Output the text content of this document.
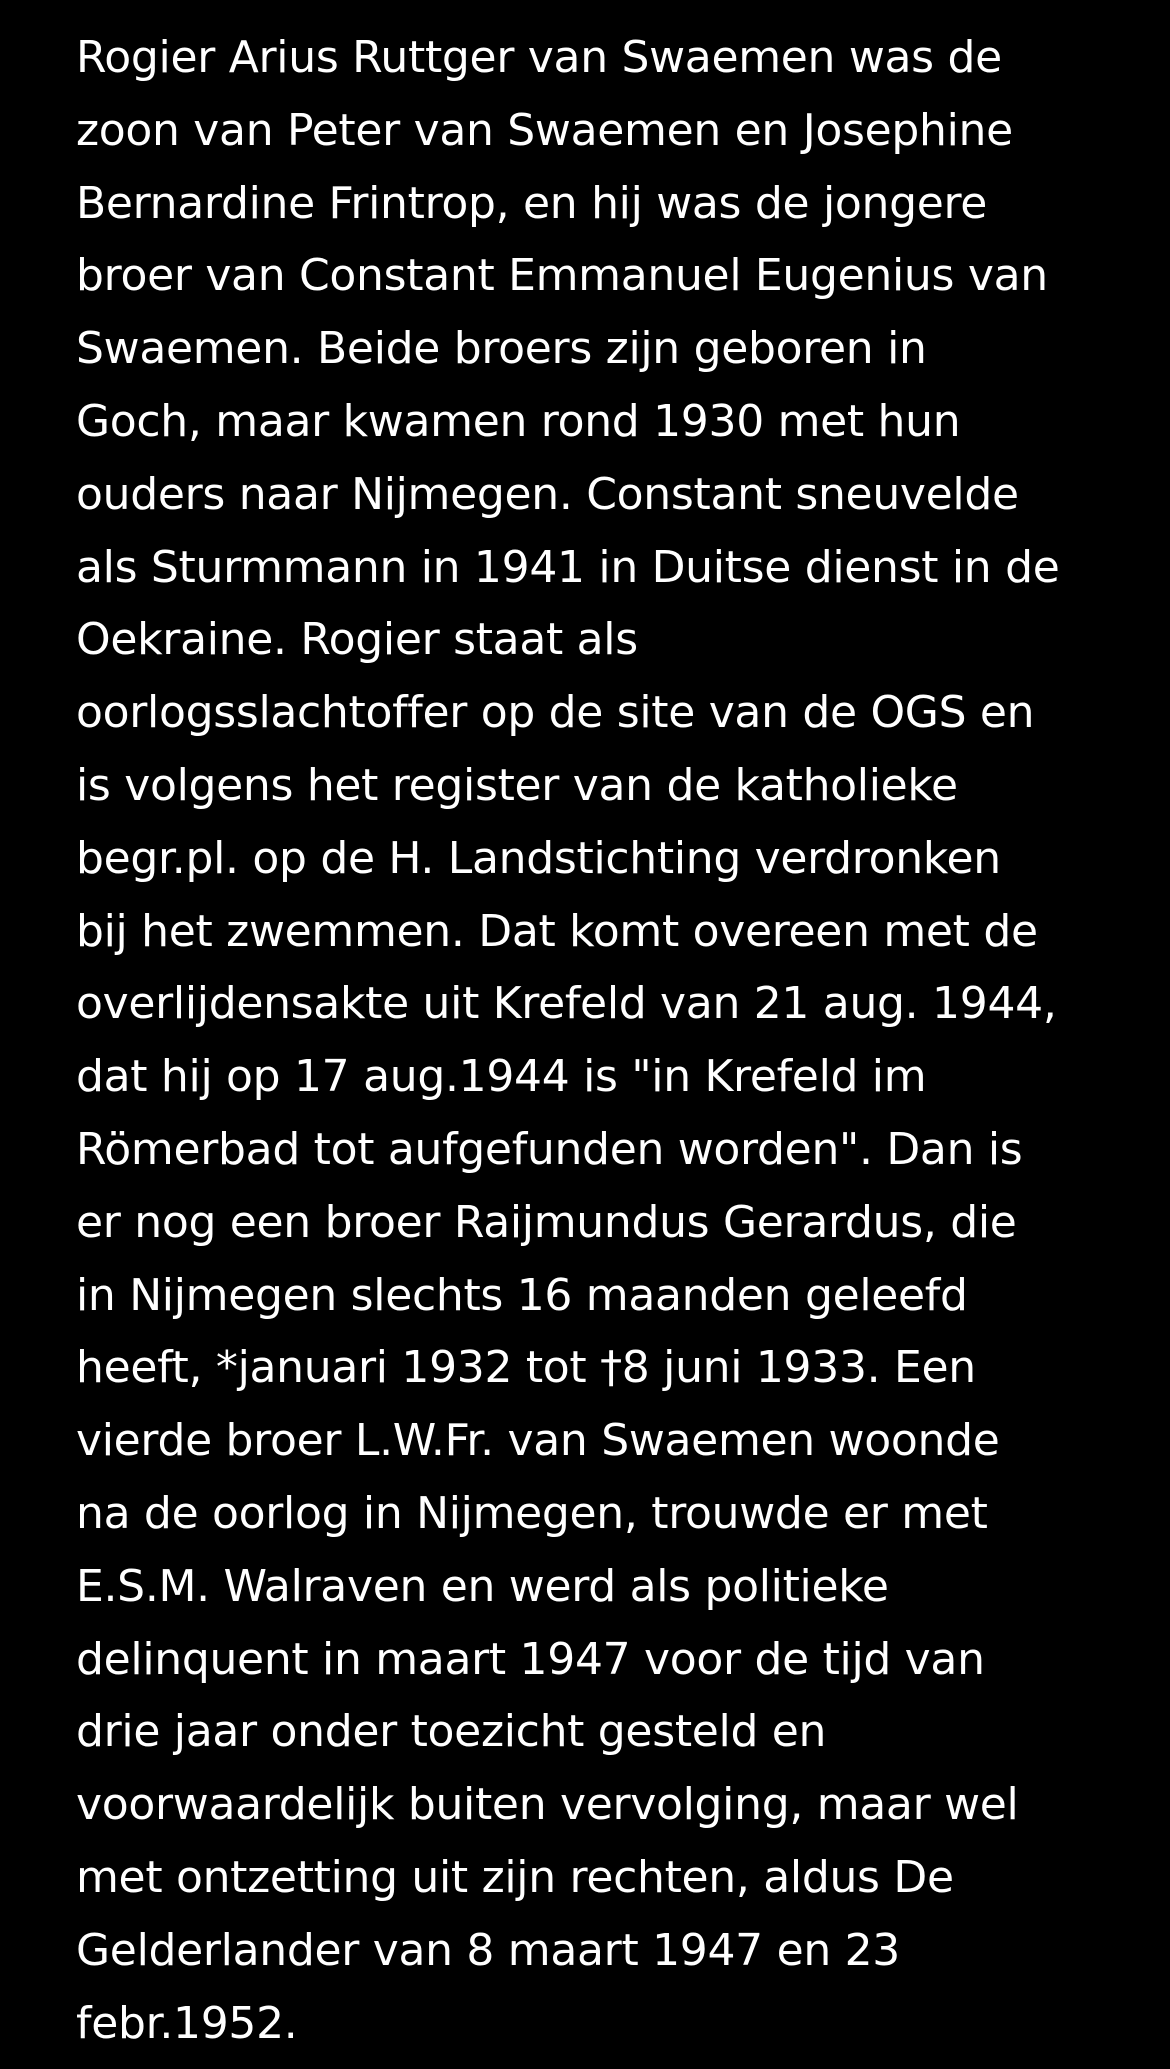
Rogier Arius Ruttger van Swaemen was de
zoon van Peter van Swaemen en Josephine
Bernardine Frintrop, en hij was de jongere
broer van Constant Emmanuel Eugenius van
Swaemen. Beide broers zijn geboren in
Goch, maar kwamen rond 1930 met hun
ouders naar Nijmegen. Constant sneuvelde
als Sturmmann in 1941 in Duitse dienst in de
Oekraine. Rogier staat als
oorlogsslachtoffer op de site van de OGS en
is volgens het register van de katholieke
begr.pl. op de H. Landstichting verdronken
bij het zwemmen. Dat komt overeen met de
overlijdensakte uit Krefeld van 21 aug. 1944,
dat hij op 17 aug.1944 is "in Krefeld im
Römerbad tot aufgefunden worden". Dan is
er nog een broer Raijmundus Gerardus, die
in Nijmegen slechts 16 maanden geleefd
heeft, *januari 1932 tot †8 juni 1933. Een
vierde broer L.W.Fr. van Swaemen woonde
na de oorlog in Nijmegen, trouwde er met
E.S.M. Walraven en werd als politieke
delinquent in maart 1947 voor de tijd van
drie jaar onder toezicht gesteld en
voorwaardelijk buiten vervolging, maar wel
met ontzetting uit zijn rechten, aldus De
Gelderlander van 8 maart 1947 en 23
febr.1952.
